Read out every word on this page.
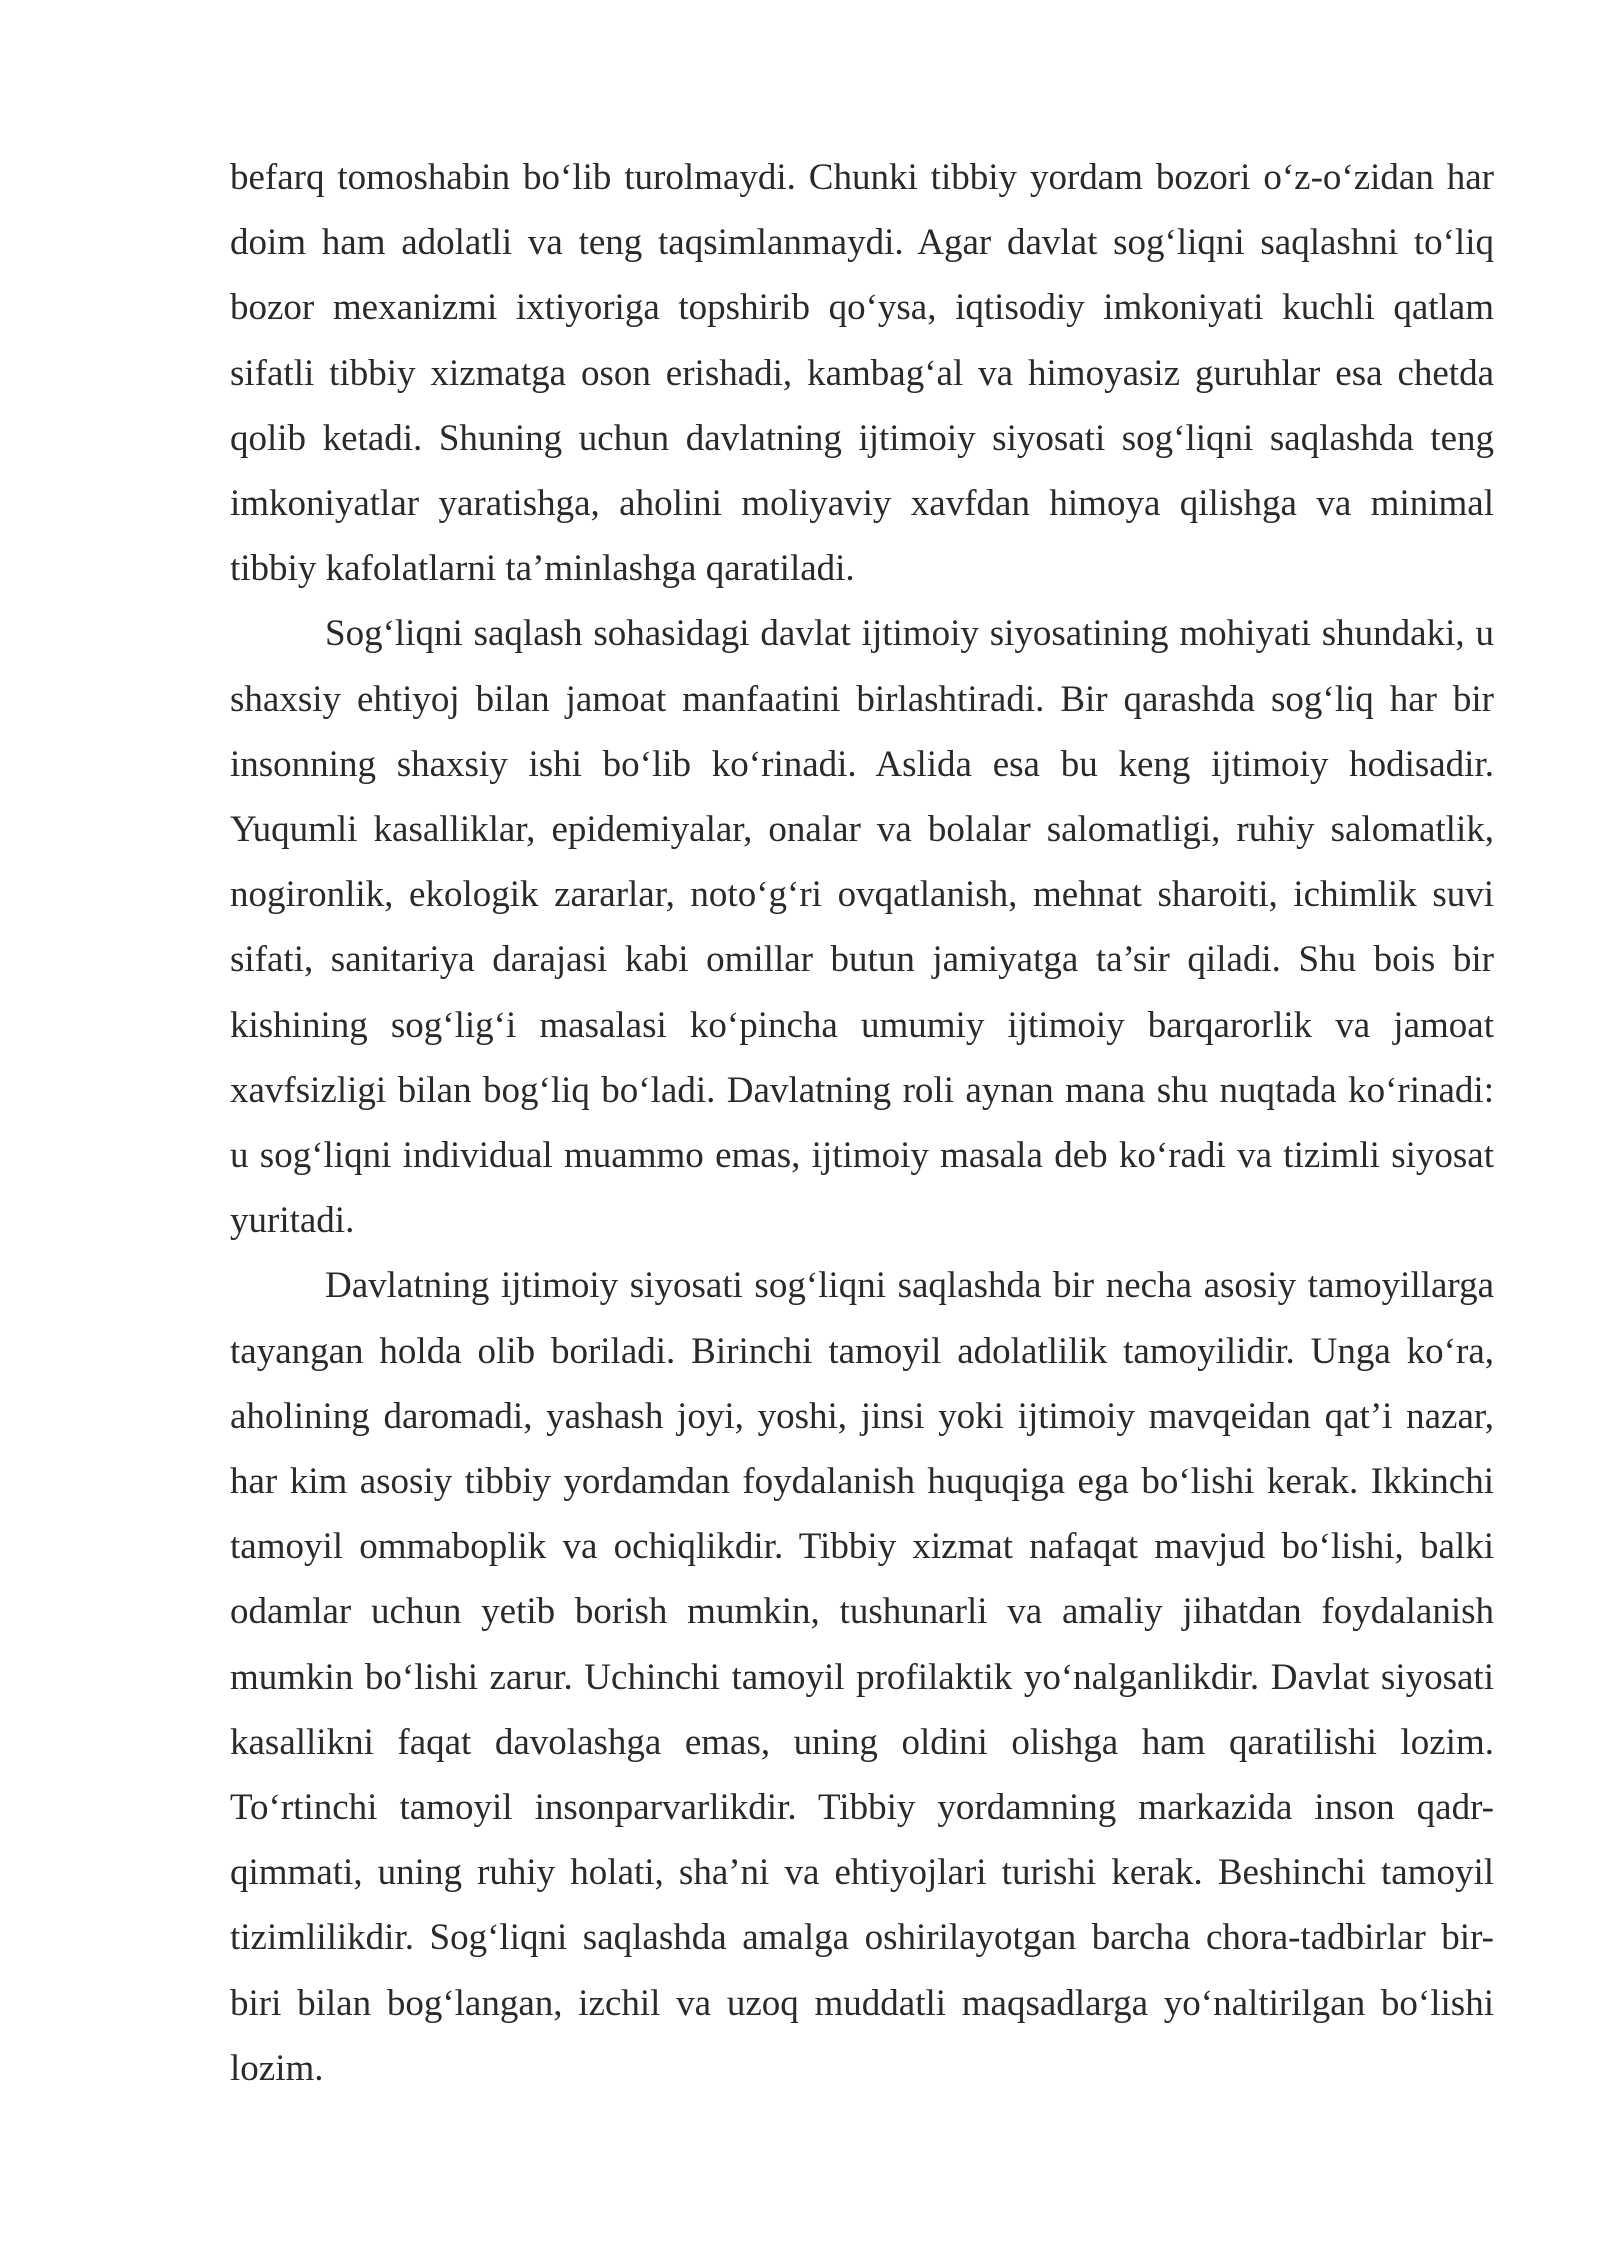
befarq tomoshabin bo‘lib turolmaydi. Chunki tibbiy yordam bozori o‘z-o‘zidan har doim ham adolatli va teng taqsimlanmaydi. Agar davlat sog‘liqni saqlashni to‘liq bozor mexanizmi ixtiyoriga topshirib qo‘ysa, iqtisodiy imkoniyati kuchli qatlam sifatli tibbiy xizmatga oson erishadi, kambag‘al va himoyasiz guruhlar esa chetda qolib ketadi. Shuning uchun davlatning ijtimoiy siyosati sog‘liqni saqlashda teng imkoniyatlar yaratishga, aholini moliyaviy xavfdan himoya qilishga va minimal tibbiy kafolatlarni ta’minlashga qaratiladi.

Sog‘liqni saqlash sohasidagi davlat ijtimoiy siyosatining mohiyati shundaki, u shaxsiy ehtiyoj bilan jamoat manfaatini birlashtiradi. Bir qarashda sog‘liq har bir insonning shaxsiy ishi bo‘lib ko‘rinadi. Aslida esa bu keng ijtimoiy hodisadir. Yuqumli kasalliklar, epidemiyalar, onalar va bolalar salomatligi, ruhiy salomatlik, nogironlik, ekologik zararlar, noto‘g‘ri ovqatlanish, mehnat sharoiti, ichimlik suvi sifati, sanitariya darajasi kabi omillar butun jamiyatga ta’sir qiladi. Shu bois bir kishining sog‘lig‘i masalasi ko‘pincha umumiy ijtimoiy barqarorlik va jamoat xavfsizligi bilan bog‘liq bo‘ladi. Davlatning roli aynan mana shu nuqtada ko‘rinadi: u sog‘liqni individual muammo emas, ijtimoiy masala deb ko‘radi va tizimli siyosat yuritadi.

Davlatning ijtimoiy siyosati sog‘liqni saqlashda bir necha asosiy tamoyillarga tayangan holda olib boriladi. Birinchi tamoyil adolatlilik tamoyilidir. Unga ko‘ra, aholining daromadi, yashash joyi, yoshi, jinsi yoki ijtimoiy mavqeidan qat’i nazar, har kim asosiy tibbiy yordamdan foydalanish huquqiga ega bo‘lishi kerak. Ikkinchi tamoyil ommaboplik va ochiqlikdir. Tibbiy xizmat nafaqat mavjud bo‘lishi, balki odamlar uchun yetib borish mumkin, tushunarli va amaliy jihatdan foydalanish mumkin bo‘lishi zarur. Uchinchi tamoyil profilaktik yo‘nalganlikdir. Davlat siyosati kasallikni faqat davolashga emas, uning oldini olishga ham qaratilishi lozim. To‘rtinchi tamoyil insonparvarlikdir. Tibbiy yordamning markazida inson qadr-qimmati, uning ruhiy holati, sha’ni va ehtiyojlari turishi kerak. Beshinchi tamoyil tizimlilikdir. Sog‘liqni saqlashda amalga oshirilayotgan barcha chora-tadbirlar bir-biri bilan bog‘langan, izchil va uzoq muddatli maqsadlarga yo‘naltirilgan bo‘lishi lozim.
